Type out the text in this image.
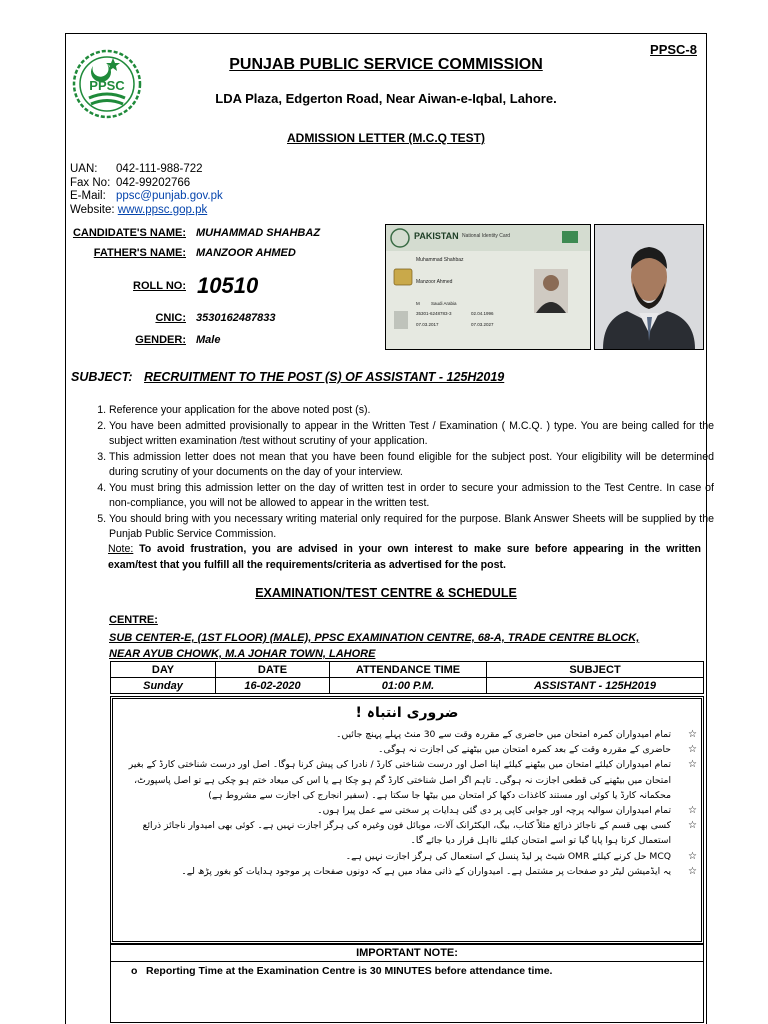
PPSC
PPSC-8
PUNJAB PUBLIC SERVICE COMMISSION
LDA Plaza, Edgerton Road, Near Aiwan-e-Iqbal, Lahore.
ADMISSION LETTER (M.C.Q TEST)
UAN: 042-111-988-722
Fax No: 042-99202766
E-Mail: ppsc@punjab.gov.pk
Website: www.ppsc.gop.pk
CANDIDATE'S NAME: MUHAMMAD SHAHBAZ
FATHER'S NAME: MANZOOR AHMED
ROLL NO: 10510
CNIC: 3530162487833
GENDER: Male
PAKISTAN National Identity Card
Muhammad Shahbaz
Manzoor Ahmed
M	Saudi Arabia
35301-6248783-3	02.04.1996
07.03.2017	07.03.2027
SUBJECT: RECRUITMENT TO THE POST (S) OF ASSISTANT - 125H2019
1. Reference your application for the above noted post (s).
2. You have been admitted provisionally to appear in the Written Test / Examination ( M.C.Q. ) type. You are being called for the subject written examination /test without scrutiny of your application.
3. This admission letter does not mean that you have been found eligible for the subject post. Your eligibility will be determined during scrutiny of your documents on the day of your interview.
4. You must bring this admission letter on the day of written test in order to secure your admission to the Test Centre. In case of non-compliance, you will not be allowed to appear in the written test.
5. You should bring with you necessary writing material only required for the purpose. Blank Answer Sheets will be supplied by the Punjab Public Service Commission.
Note: To avoid frustration, you are advised in your own interest to make sure before appearing in the written exam/test that you fulfill all the requirements/criteria as advertised for the post.
EXAMINATION/TEST CENTRE & SCHEDULE
CENTRE:
SUB CENTER-E, (1ST FLOOR) (MALE), PPSC EXAMINATION CENTRE, 68-A, TRADE CENTRE BLOCK, NEAR AYUB CHOWK, M.A JOHAR TOWN, LAHORE
DAY	DATE	ATTENDANCE TIME	SUBJECT
Sunday	16-02-2020	01:00 P.M.	ASSISTANT - 125H2019
ضروری انتباہ !
☆
تمام امیدواران کمرہ امتحان میں حاضری کے مقررہ وقت سے 30 منٹ پہلے پہنچ جائیں۔
☆
حاضری کے مقررہ وقت کے بعد کمرہ امتحان میں بیٹھنے کی اجازت نہ ہوگی۔
☆
تمام امیدواران کیلئے امتحان میں بیٹھنے کیلئے اپنا اصل اور درست شناختی کارڈ / نادرا کی پیش کرنا ہوگا۔ اصل اور درست شناختی کارڈ کے بغیر امتحان میں بیٹھنے کی قطعی اجازت نہ ہوگی۔ تاہم اگر اصل شناختی کارڈ گم ہو چکا ہے یا اس کی میعاد ختم ہو چکی ہے تو اصل پاسپورٹ، محکمانہ کارڈ یا کوئی اور مستند کاغذات دکھا کر امتحان میں بیٹھا جا سکتا ہے۔ (سفیر انجارج کی اجازت سے مشروط ہے)
☆
تمام امیدواران سوالیہ پرچہ اور جوابی کاپی پر دی گئی ہدایات پر سختی سے عمل پیرا ہوں۔
☆
کسی بھی قسم کے ناجائز ذرائع مثلاً کتاب، بیگ، الیکٹرانک آلات، موبائل فون وغیرہ کی ہرگز اجازت نہیں ہے۔ کوئی بھی امیدوار ناجائز ذرائع استعمال کرتا ہوا پایا گیا تو اسے امتحان کیلئے نااہل قرار دیا جائے گا۔
☆
MCQ حل کرنے کیلئے OMR شیٹ پر لیڈ پنسل کے استعمال کی ہرگز اجازت نہیں ہے۔
☆
یہ ایڈمیشن لیٹر دو صفحات پر مشتمل ہے۔ امیدواران کے ذاتی مفاد میں ہے کہ دونوں صفحات پر موجود ہدایات کو بغور پڑھ لے۔
IMPORTANT NOTE:
o Reporting Time at the Examination Centre is 30 MINUTES before attendance time.
